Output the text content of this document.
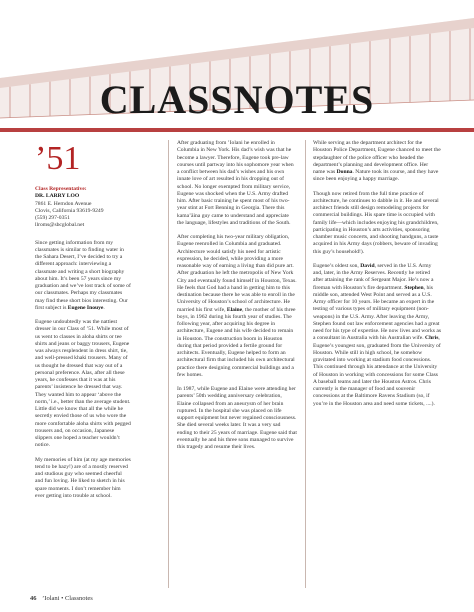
CLASSNOTES
’51

Class Representative:
DR. LARRY LOO
7861 E. Herndon Avenue
Clovis, California 93619-9249
(559) 297-0351
llroms@sbcglobal.net

Since getting information from my classmates is similar to finding water in the Sahara Desert, I’ve decided to try a different approach: interviewing a classmate and writing a short biography about him. It’s been 57 years since my graduation and we’ve lost track of some of our classmates. Perhaps my classmates may find these short bios interesting. Our first subject is Eugene Inouye.

Eugene undoubtedly was the nattiest dresser in our Class of ’51. While most of us went to classes in aloha shirts or tee shirts and jeans or baggy trousers, Eugene was always resplendent in dress shirt, tie, and well-pressed khaki trousers. Many of us thought he dressed that way out of a personal preference. Alas, after all these years, he confesses that it was at his parents’ insistence he dressed that way. They wanted him to appear ‘above the norm,’ i.e., better than the average student. Little did we know that all the while he secretly envied those of us who wore the more comfortable aloha shirts with pegged trousers and, on occasion, Japanese slippers one hoped a teacher wouldn’t notice.

My memories of him (at my age memories tend to be hazy!) are of a mostly reserved and studious guy who seemed cheerful and fun loving. He liked to sketch in his spare moments. I don’t remember him ever getting into trouble at school.

After graduating from ’Iolani he enrolled in Columbia in New York. His dad’s wish was that he become a lawyer. Therefore, Eugene took pre-law courses until partway into his sophomore year when a conflict between his dad’s wishes and his own innate love of art resulted in his dropping out of school. No longer exempted from military service, Eugene was shocked when the U.S. Army drafted him. After basic training he spent most of his two-year stint at Fort Benning in Georgia. There this kama’āina guy came to understand and appreciate the language, lifestyles and traditions of the South.

After completing his two-year military obligation, Eugene reenrolled in Columbia and graduated. Architecture would satisfy his need for artistic expression, he decided, while providing a more reasonable way of earning a living than did pure art. After graduation he left the metropolis of New York City and eventually found himself in Houston, Texas. He feels that God had a hand in getting him to this destination because there he was able to enroll in the University of Houston’s school of architecture. He married his first wife, Elaine, the mother of his three boys, in 1962 during his fourth year of studies. The following year, after acquiring his degree in architecture, Eugene and his wife decided to remain in Houston. The construction boom in Houston during that period provided a fertile ground for architects. Eventually, Eugene helped to form an architectural firm that included his own architectural practice there designing commercial buildings and a few homes.

In 1987, while Eugene and Elaine were attending her parents’ 50th wedding anniversary celebration, Elaine collapsed from an aneurysm of her brain ruptured. In the hospital she was placed on life support equipment but never regained consciousness. She died several weeks later. It was a very sad ending to their 25 years of marriage. Eugene said that eventually he and his three sons managed to survive this tragedy and resume their lives.

While serving as the department architect for the Houston Police Department, Eugene chanced to meet the stepdaughter of the police officer who headed the department’s planning and development office. Her name was Donna. Nature took its course, and they have since been enjoying a happy marriage.

Though now retired from the full time practice of architecture, he continues to dabble in it. He and several architect friends still design remodeling projects for commercial buildings. His spare time is occupied with family life—which includes enjoying his grandchildren, participating in Houston’s arts activities, sponsoring chamber music concerts, and shooting handguns, a taste acquired in his Army days (robbers, beware of invading this guy’s household!).

Eugene’s oldest son, David, served in the U.S. Army and, later, in the Army Reserves. Recently he retired after attaining the rank of Sergeant Major. He’s now a fireman with Houston’s fire department. Stephen, his middle son, attended West Point and served as a U.S. Army officer for 10 years. He became an expert in the testing of various types of military equipment (non-weapons) in the U.S. Army. After leaving the Army, Stephen found out law enforcement agencies had a great need for his type of expertise. He now lives and works as a consultant in Australia with his Australian wife. Chris, Eugene’s youngest son, graduated from the University of Houston. While still in high school, he somehow gravitated into working at stadium food concessions. This continued through his attendance at the University of Houston in working with concessions for some Class A baseball teams and later the Houston Astros. Chris currently is the manager of food and souvenir concessions at the Baltimore Ravens Stadium (so, if you’re in the Houston area and need some tickets, ....).

46 ’Iolani • Classnotes
